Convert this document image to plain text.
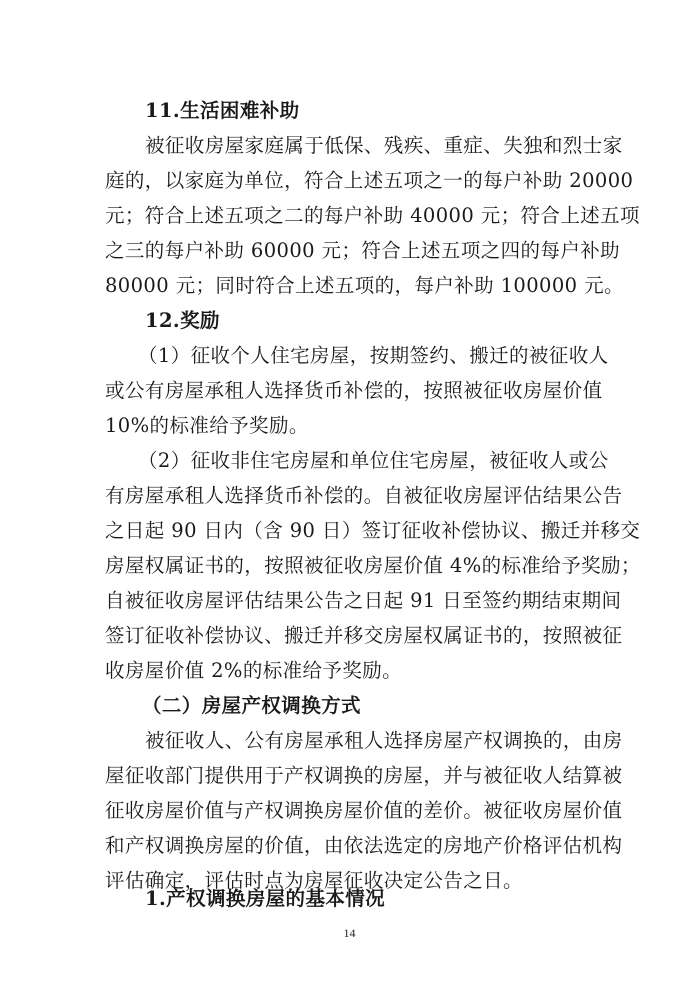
11.生活困难补助
被征收房屋家庭属于低保、残疾、重症、失独和烈士家
庭的，以家庭为单位，符合上述五项之一的每户补助 20000
元；符合上述五项之二的每户补助 40000 元；符合上述五项
之三的每户补助 60000 元；符合上述五项之四的每户补助
80000 元；同时符合上述五项的，每户补助 100000 元。
12.奖励
（1）征收个人住宅房屋，按期签约、搬迁的被征收人
或公有房屋承租人选择货币补偿的，按照被征收房屋价值
10%的标准给予奖励。
（2）征收非住宅房屋和单位住宅房屋，被征收人或公
有房屋承租人选择货币补偿的。自被征收房屋评估结果公告
之日起 90 日内（含 90 日）签订征收补偿协议、搬迁并移交
房屋权属证书的，按照被征收房屋价值 4%的标准给予奖励；
自被征收房屋评估结果公告之日起 91 日至签约期结束期间
签订征收补偿协议、搬迁并移交房屋权属证书的，按照被征
收房屋价值 2%的标准给予奖励。
（二）房屋产权调换方式
被征收人、公有房屋承租人选择房屋产权调换的，由房
屋征收部门提供用于产权调换的房屋，并与被征收人结算被
征收房屋价值与产权调换房屋价值的差价。被征收房屋价值
和产权调换房屋的价值，由依法选定的房地产价格评估机构
评估确定，评估时点为房屋征收决定公告之日。
1.产权调换房屋的基本情况
14
